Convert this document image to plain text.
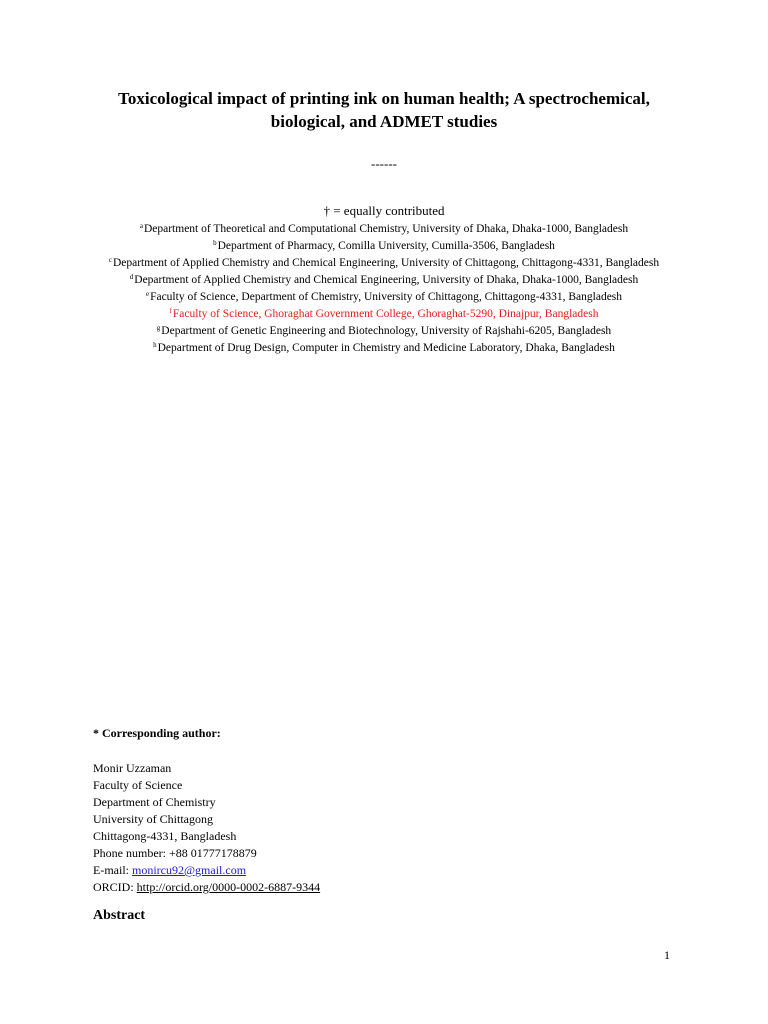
Toxicological impact of printing ink on human health; A spectrochemical, biological, and ADMET studies
------
† = equally contributed
$^a$Department of Theoretical and Computational Chemistry, University of Dhaka, Dhaka-1000, Bangladesh
$^b$Department of Pharmacy, Comilla University, Cumilla-3506, Bangladesh
$^c$Department of Applied Chemistry and Chemical Engineering, University of Chittagong, Chittagong-4331, Bangladesh
$^d$Department of Applied Chemistry and Chemical Engineering, University of Dhaka, Dhaka-1000, Bangladesh
$^e$Faculty of Science, Department of Chemistry, University of Chittagong, Chittagong-4331, Bangladesh
$^f$Faculty of Science, Ghoraghat Government College, Ghoraghat-5290, Dinajpur, Bangladesh
$^g$Department of Genetic Engineering and Biotechnology, University of Rajshahi-6205, Bangladesh
$^h$Department of Drug Design, Computer in Chemistry and Medicine Laboratory, Dhaka, Bangladesh
* Corresponding author:
Monir Uzzaman
Faculty of Science
Department of Chemistry
University of Chittagong
Chittagong-4331, Bangladesh
Phone number: +88 01777178879
E-mail: monircu92@gmail.com
ORCID: http://orcid.org/0000-0002-6887-9344
Abstract
1
